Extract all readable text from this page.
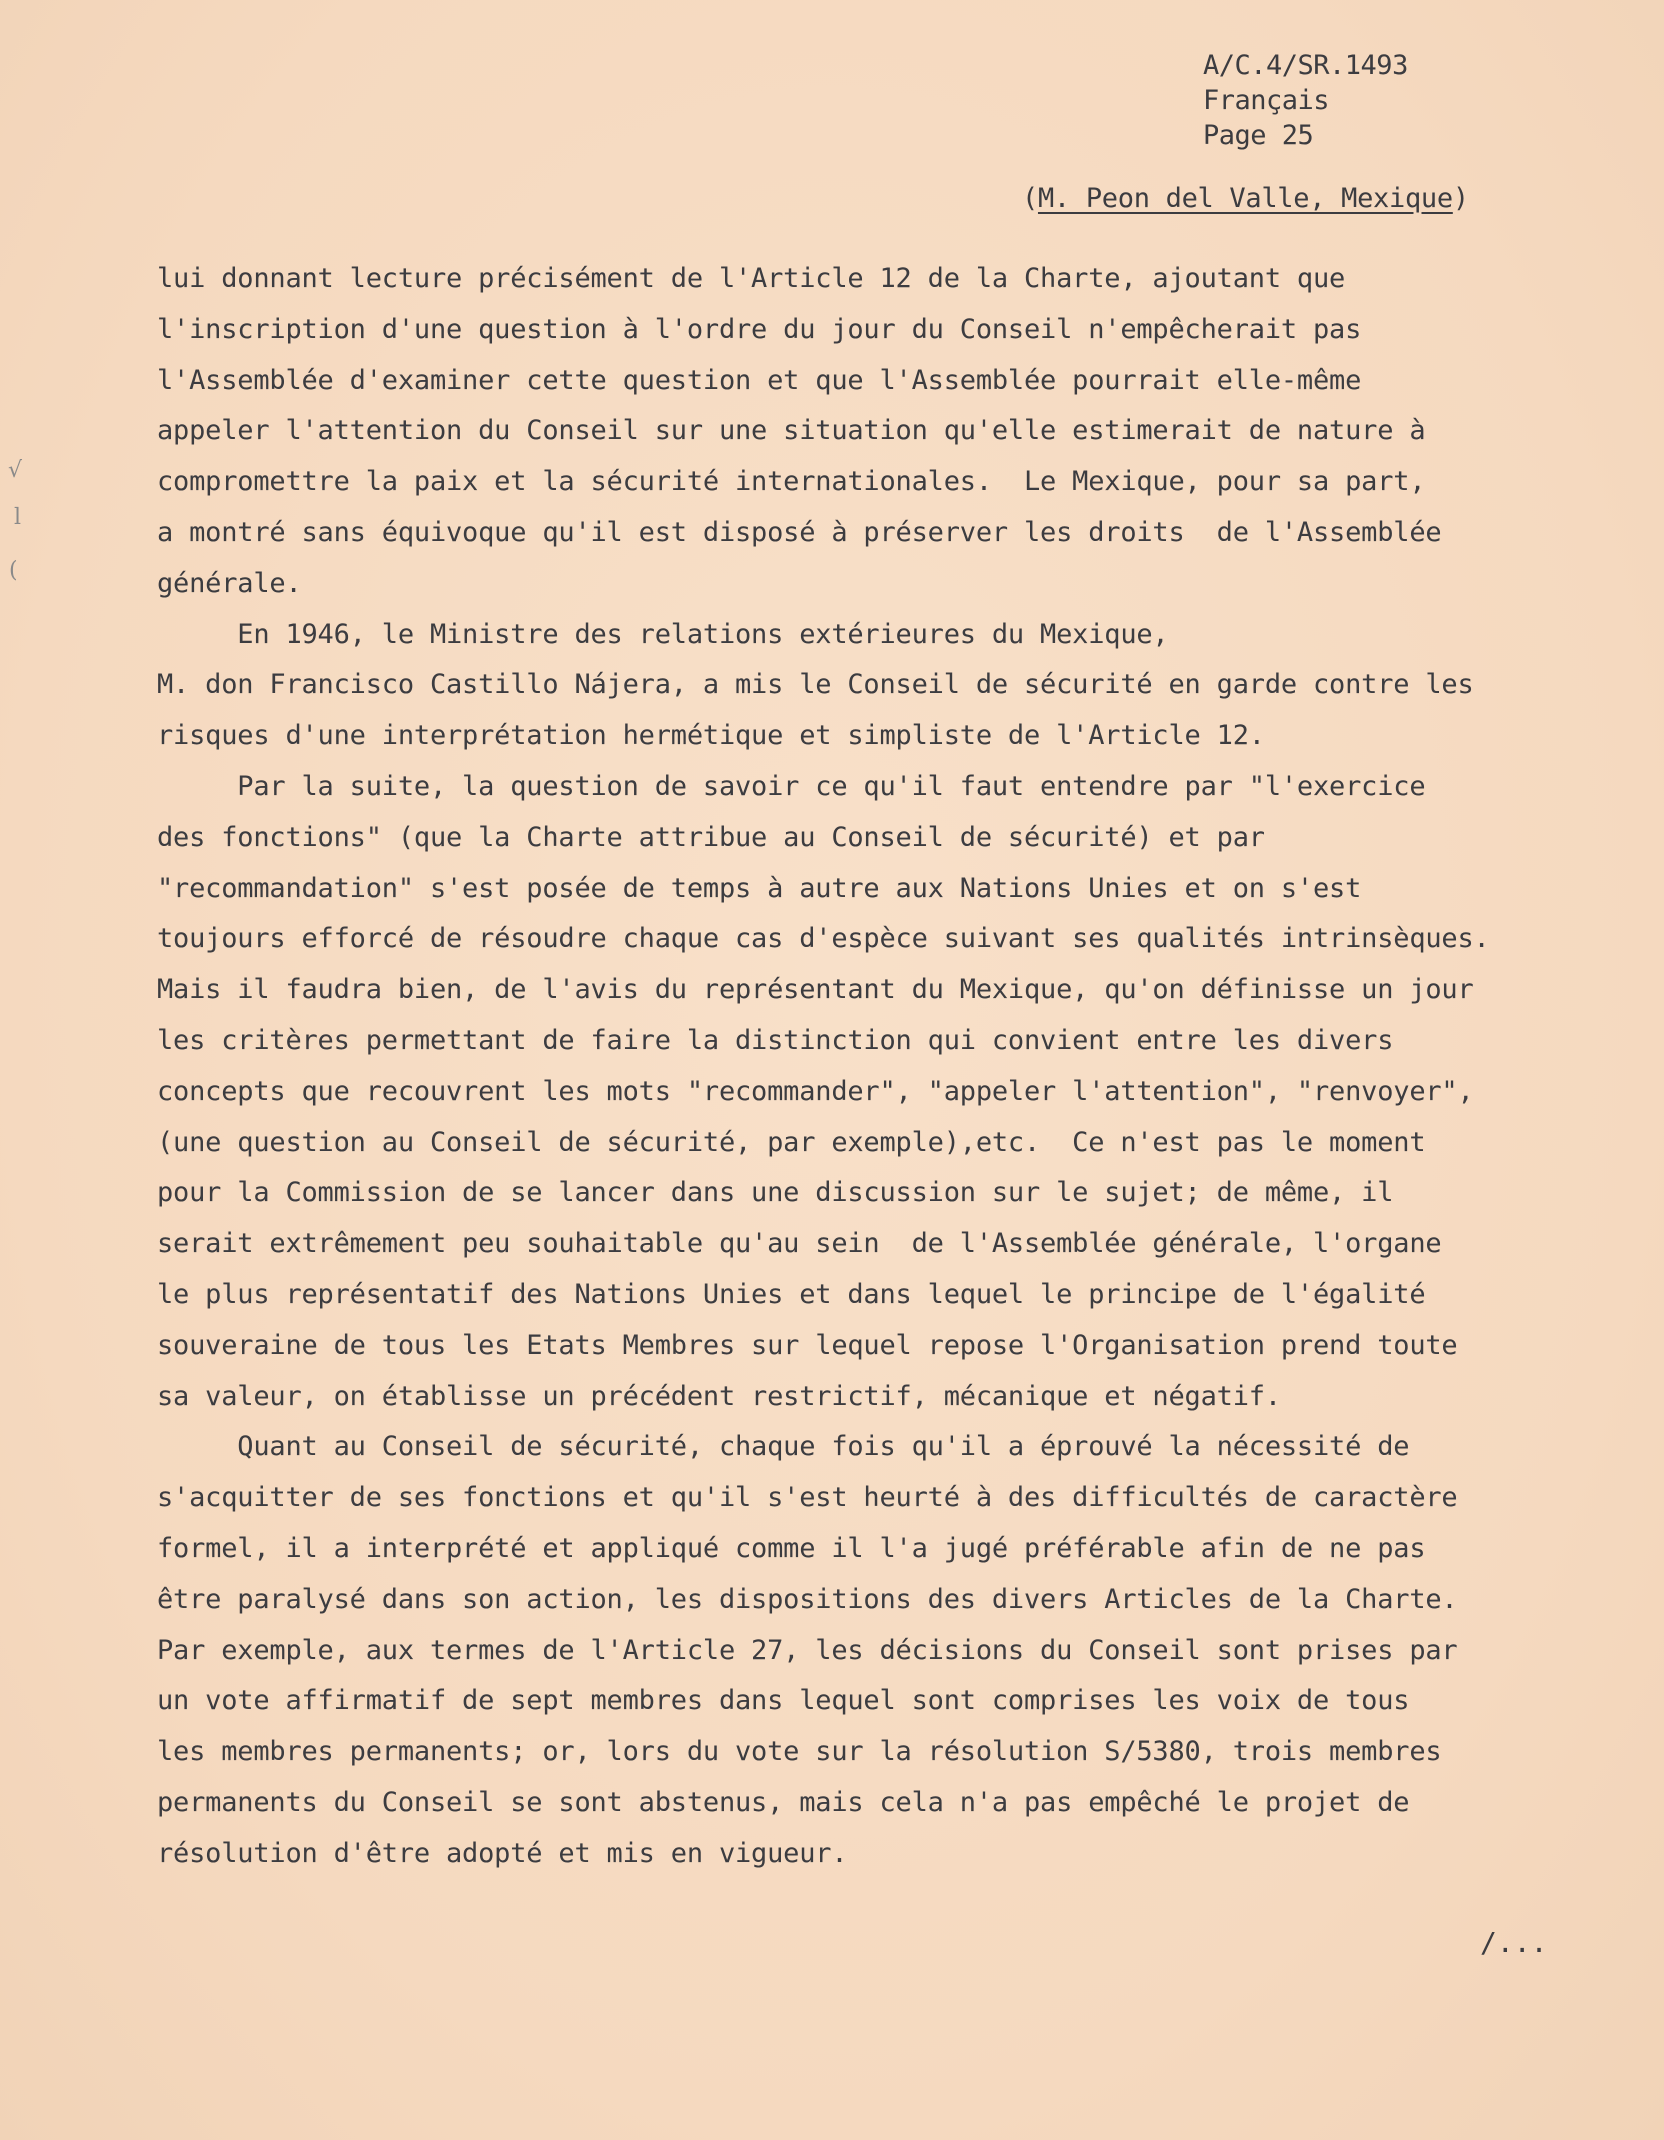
A/C.4/SR.1493
Français
Page 25
(M. Peon del Valle, Mexique)
lui donnant lecture précisément de l'Article 12 de la Charte, ajoutant que
l'inscription d'une question à l'ordre du jour du Conseil n'empêcherait pas
l'Assemblée d'examiner cette question et que l'Assemblée pourrait elle-même
appeler l'attention du Conseil sur une situation qu'elle estimerait de nature à
compromettre la paix et la sécurité internationales.  Le Mexique, pour sa part,
a montré sans équivoque qu'il est disposé à préserver les droits  de l'Assemblée
générale.
En 1946, le Ministre des relations extérieures du Mexique,
M. don Francisco Castillo Nájera, a mis le Conseil de sécurité en garde contre les
risques d'une interprétation hermétique et simpliste de l'Article 12.
Par la suite, la question de savoir ce qu'il faut entendre par "l'exercice
des fonctions" (que la Charte attribue au Conseil de sécurité) et par
"recommandation" s'est posée de temps à autre aux Nations Unies et on s'est
toujours efforcé de résoudre chaque cas d'espèce suivant ses qualités intrinsèques.
Mais il faudra bien, de l'avis du représentant du Mexique, qu'on définisse un jour
les critères permettant de faire la distinction qui convient entre les divers
concepts que recouvrent les mots "recommander", "appeler l'attention", "renvoyer",
(une question au Conseil de sécurité, par exemple),etc.  Ce n'est pas le moment
pour la Commission de se lancer dans une discussion sur le sujet; de même, il
serait extrêmement peu souhaitable qu'au sein  de l'Assemblée générale, l'organe
le plus représentatif des Nations Unies et dans lequel le principe de l'égalité
souveraine de tous les Etats Membres sur lequel repose l'Organisation prend toute
sa valeur, on établisse un précédent restrictif, mécanique et négatif.
Quant au Conseil de sécurité, chaque fois qu'il a éprouvé la nécessité de
s'acquitter de ses fonctions et qu'il s'est heurté à des difficultés de caractère
formel, il a interprété et appliqué comme il l'a jugé préférable afin de ne pas
être paralysé dans son action, les dispositions des divers Articles de la Charte.
Par exemple, aux termes de l'Article 27, les décisions du Conseil sont prises par
un vote affirmatif de sept membres dans lequel sont comprises les voix de tous
les membres permanents; or, lors du vote sur la résolution S/5380, trois membres
permanents du Conseil se sont abstenus, mais cela n'a pas empêché le projet de
résolution d'être adopté et mis en vigueur.
√
l
(
/...
